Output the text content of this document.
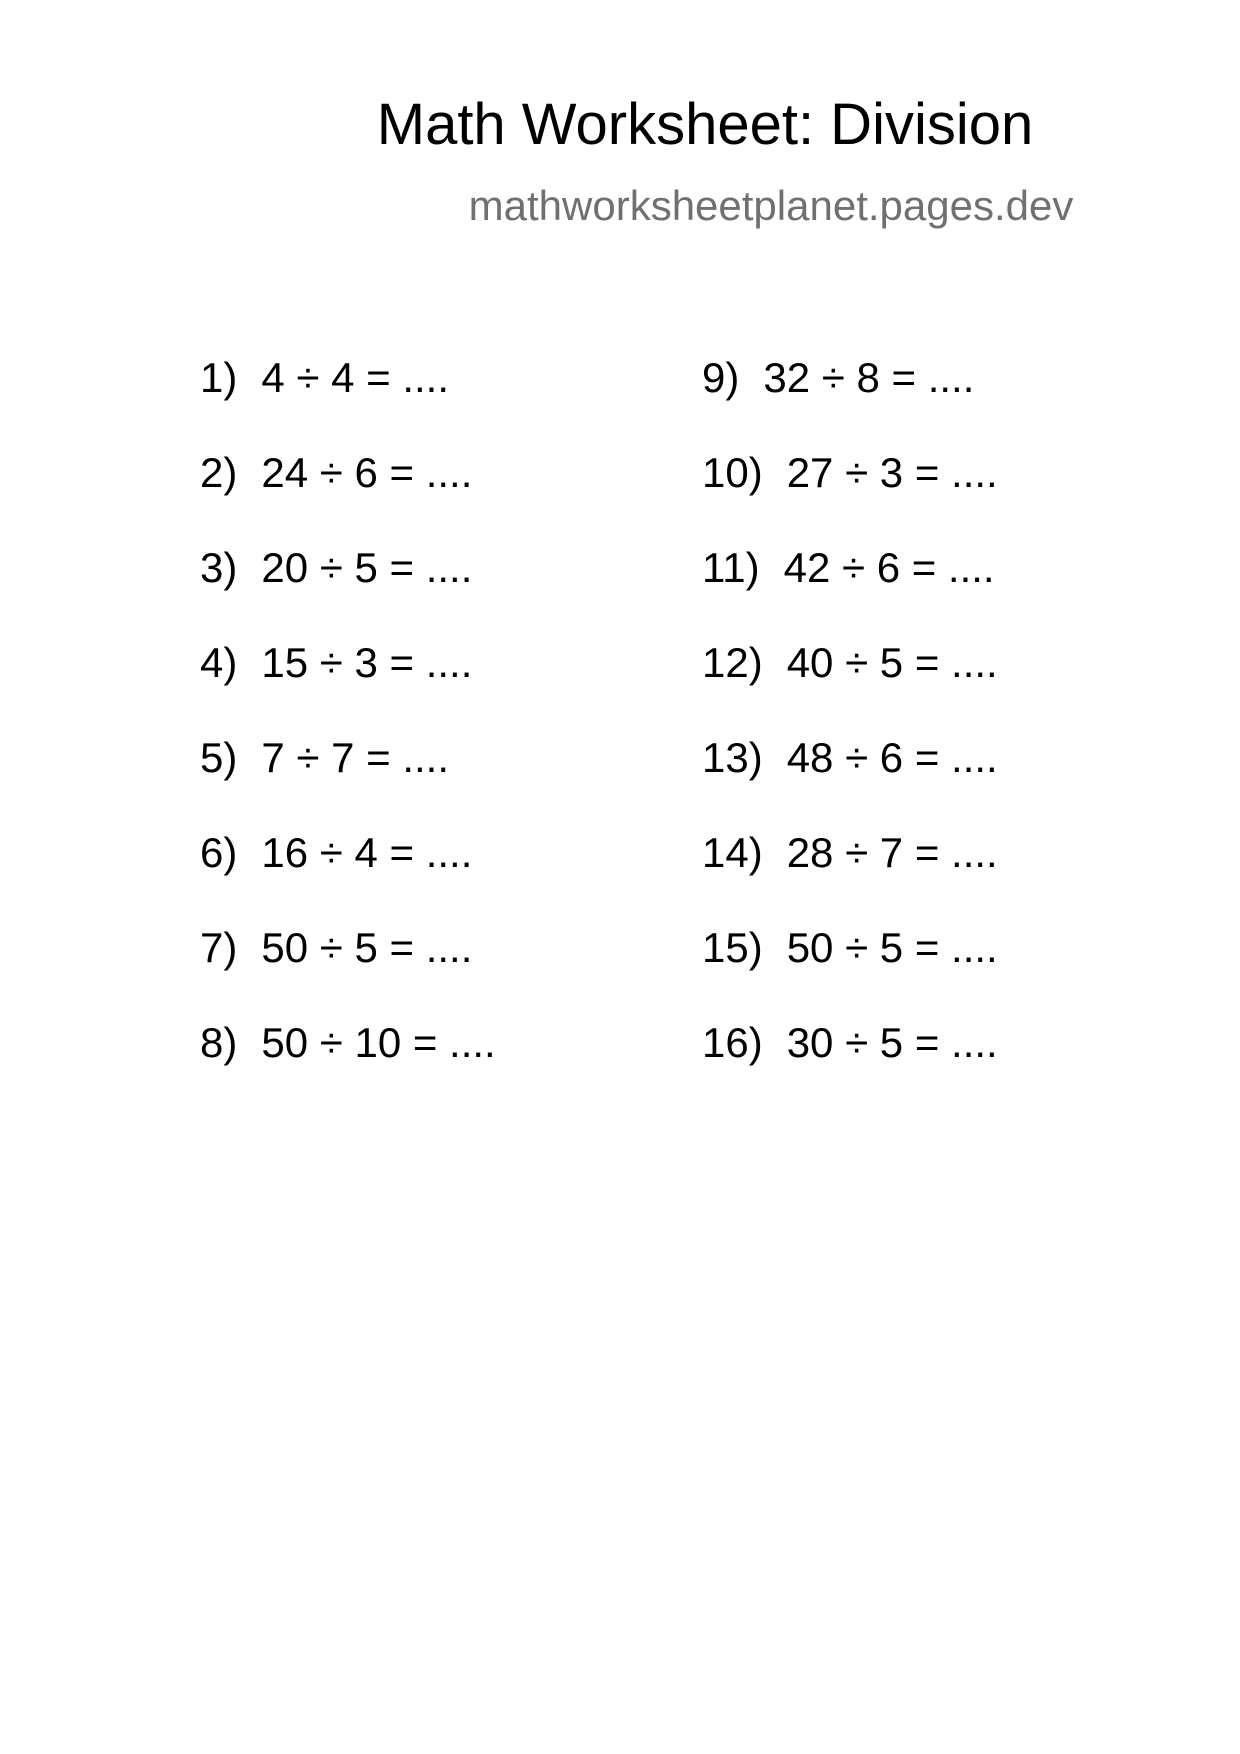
Math Worksheet: Division
mathworksheetplanet.pages.dev
1) 4 ÷ 4 = ....
2) 24 ÷ 6 = ....
3) 20 ÷ 5 = ....
4) 15 ÷ 3 = ....
5) 7 ÷ 7 = ....
6) 16 ÷ 4 = ....
7) 50 ÷ 5 = ....
8) 50 ÷ 10 = ....
9) 32 ÷ 8 = ....
10) 27 ÷ 3 = ....
11) 42 ÷ 6 = ....
12) 40 ÷ 5 = ....
13) 48 ÷ 6 = ....
14) 28 ÷ 7 = ....
15) 50 ÷ 5 = ....
16) 30 ÷ 5 = ....
